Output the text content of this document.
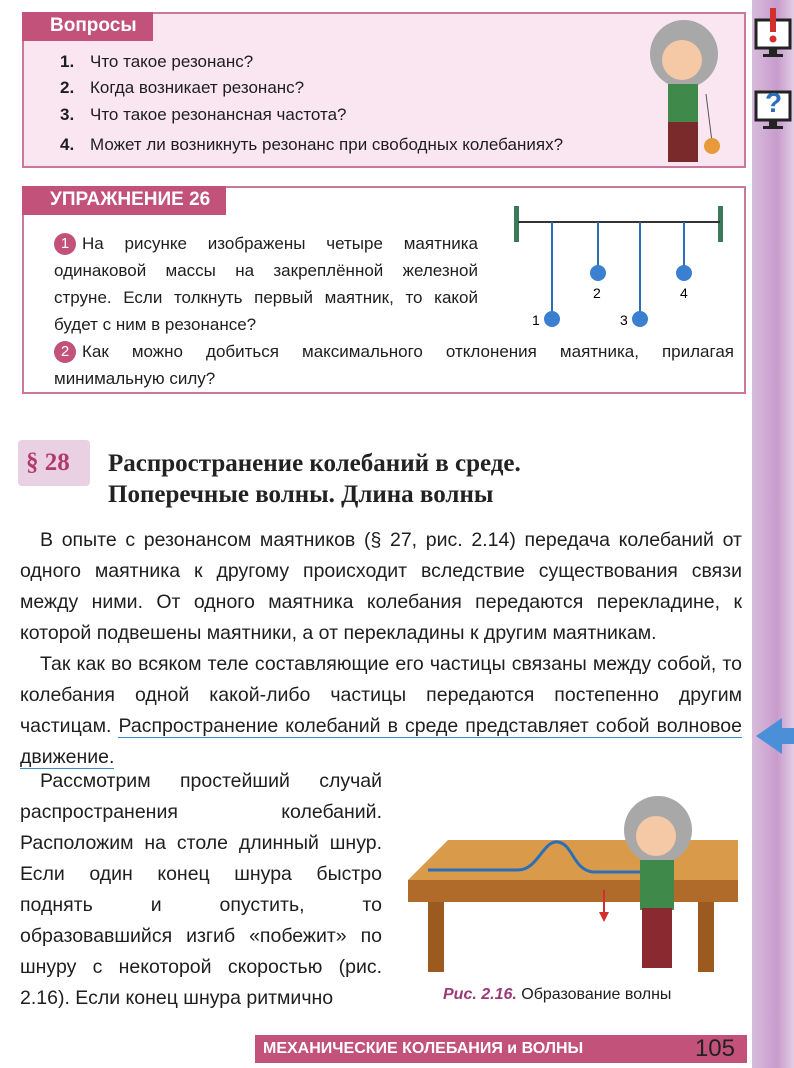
?
Вопросы
1. Что такое резонанс?
2. Когда возникает резонанс?
3. Что такое резонансная частота?
4. Может ли возникнуть резонанс при свободных колебаниях?
УПРАЖНЕНИЕ 26
1 На рисунке изображены четыре маятника одинаковой массы на закреплённой железной струне. Если толкнуть первый маятник, то какой будет с ним в резонансе?
2 Как можно добиться максимального отклонения маятника, прилагая минимальную силу?
1
2
3
4
§ 28	Распространение колебаний в среде.
Поперечные волны. Длина волны
В опыте с резонансом маятников (§ 27, рис. 2.14) передача колебаний от одного маятника к другому происходит вследствие существования связи между ними. От одного маятника колебания передаются перекладине, к которой подвешены маятники, а от перекладины к другим маятникам.
Так как во всяком теле составляющие его частицы связаны между собой, то колебания одной какой-либо частицы передаются постепенно другим частицам. Распространение колебаний в среде представляет собой волновое движение.
Рассмотрим простейший случай распространения колебаний. Расположим на столе длинный шнур. Если один конец шнура быстро поднять и опустить, то образовавшийся изгиб «побежит» по шнуру с некоторой скоростью (рис. 2.16). Если конец шнура ритмично	Рис. 2.16. Образование волны
МЕХАНИЧЕСКИЕ КОЛЕБАНИЯ и ВОЛНЫ	105
